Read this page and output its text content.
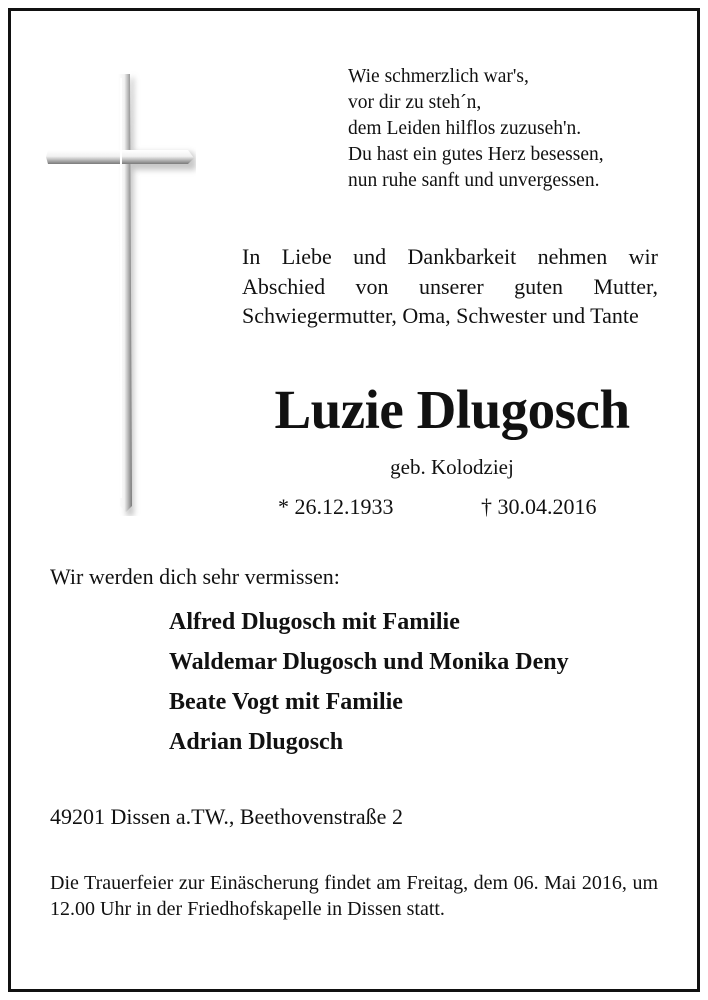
Wie schmerzlich war's,
vor dir zu steh´n,
dem Leiden hilflos zuzuseh'n.
Du hast ein gutes Herz besessen,
nun ruhe sanft und unvergessen.
In Liebe und Dankbarkeit nehmen wir Abschied von unserer guten Mutter, Schwiegermutter, Oma, Schwester und Tante
Luzie Dlugosch
geb. Kolodziej
* 26.12.1933	† 30.04.2016
Wir werden dich sehr vermissen:
Alfred Dlugosch mit Familie
Waldemar Dlugosch und Monika Deny
Beate Vogt mit Familie
Adrian Dlugosch
49201 Dissen a.TW., Beethovenstraße 2
Die Trauerfeier zur Einäscherung findet am Freitag, dem 06. Mai 2016, um 12.00 Uhr in der Friedhofskapelle in Dissen statt.
